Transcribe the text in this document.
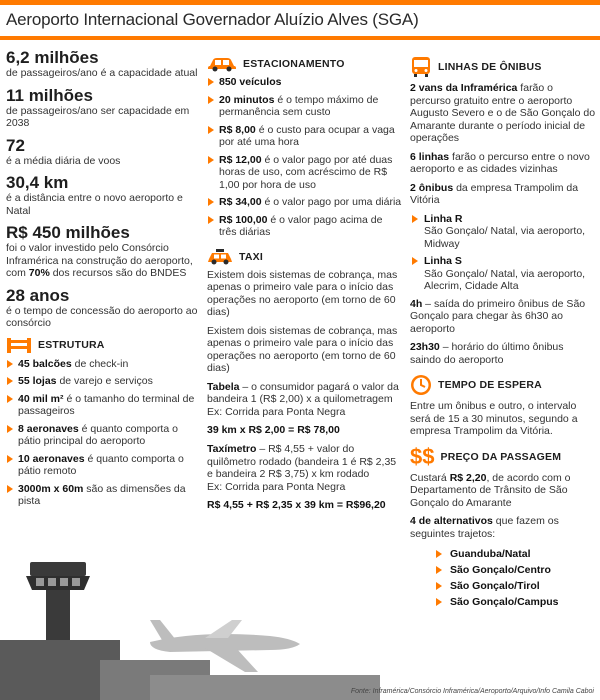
Aeroporto Internacional Governador Aluízio Alves (SGA)
6,2 milhões
de passageiros/ano é a capacidade atual
11 milhões
de passageiros/ano ser capacidade em 2038
72
é a média diária de voos
30,4 km
é a distância entre o novo aeroporto e Natal
R$ 450 milhões
foi o valor investido pelo Consórcio Inframérica na construção do aeroporto, com 70% dos recursos são do BNDES
28 anos
é o tempo de concessão do aeroporto ao consórcio
ESTRUTURA
45 balcões de check-in
55 lojas de varejo e serviços
40 mil m² é o tamanho do terminal de passageiros
8 aeronaves é quanto comporta o pátio principal do aeroporto
10 aeronaves é quanto comporta o pátio remoto
3000m x 60m são as dimensões da pista
ESTACIONAMENTO
850 veículos
20 minutos é o tempo máximo de permanência sem custo
R$ 8,00 é o custo para ocupar a vaga por até uma hora
R$ 12,00 é o valor pago por até duas horas de uso, com acréscimo de R$ 1,00 por hora de uso
R$ 34,00 é o valor pago por uma diária
R$ 100,00 é o valor pago acima de três diárias
TAXI
Existem dois sistemas de cobrança, mas apenas o primeiro vale para o início das operações no aeroporto (em torno de 60 dias)
Existem dois sistemas de cobrança, mas apenas o primeiro vale para o início das operações no aeroporto (em torno de 60 dias)
Tabela – o consumidor pagará o valor da bandeira 1 (R$ 2,00) x a quilometragem
Ex: Corrida para Ponta Negra
39 km x R$ 2,00 = R$ 78,00
Taxímetro – R$ 4,55 + valor do quilômetro rodado (bandeira 1 é R$ 2,35 e bandeira 2 R$ 3,75) x km rodado
Ex: Corrida para Ponta Negra
R$ 4,55 + R$ 2,35 x 39 km = R$96,20
LINHAS DE ÔNIBUS
2 vans da Inframérica farão o percurso gratuito entre o aeroporto Augusto Severo e o de São Gonçalo do Amarante durante o período inicial de operações
6 linhas farão o percurso entre o novo aeroporto e as cidades vizinhas
2 ônibus da empresa Trampolim da Vitória
Linha R
São Gonçalo/ Natal, via aeroporto, Midway
Linha S
São Gonçalo/ Natal, via aeroporto, Alecrim, Cidade Alta
4h – saída do primeiro ônibus de São Gonçalo para chegar às 6h30 ao aeroporto
23h30 – horário do último ônibus saindo do aeroporto
TEMPO DE ESPERA
Entre um ônibus e outro, o intervalo será de 15 a 30 minutos, segundo a empresa Trampolim da Vitória.
$$ PREÇO DA PASSAGEM
Custará R$ 2,20, de acordo com o Departamento de Trânsito de São Gonçalo do Amarante
4 de alternativos que fazem os seguintes trajetos:
Guanduba/Natal
São Gonçalo/Centro
São Gonçalo/Tirol
São Gonçalo/Campus
Fonte: Inframérica/Consórcio Inframérica/Aeroporto/Arquivo/Info Camila Caboi
